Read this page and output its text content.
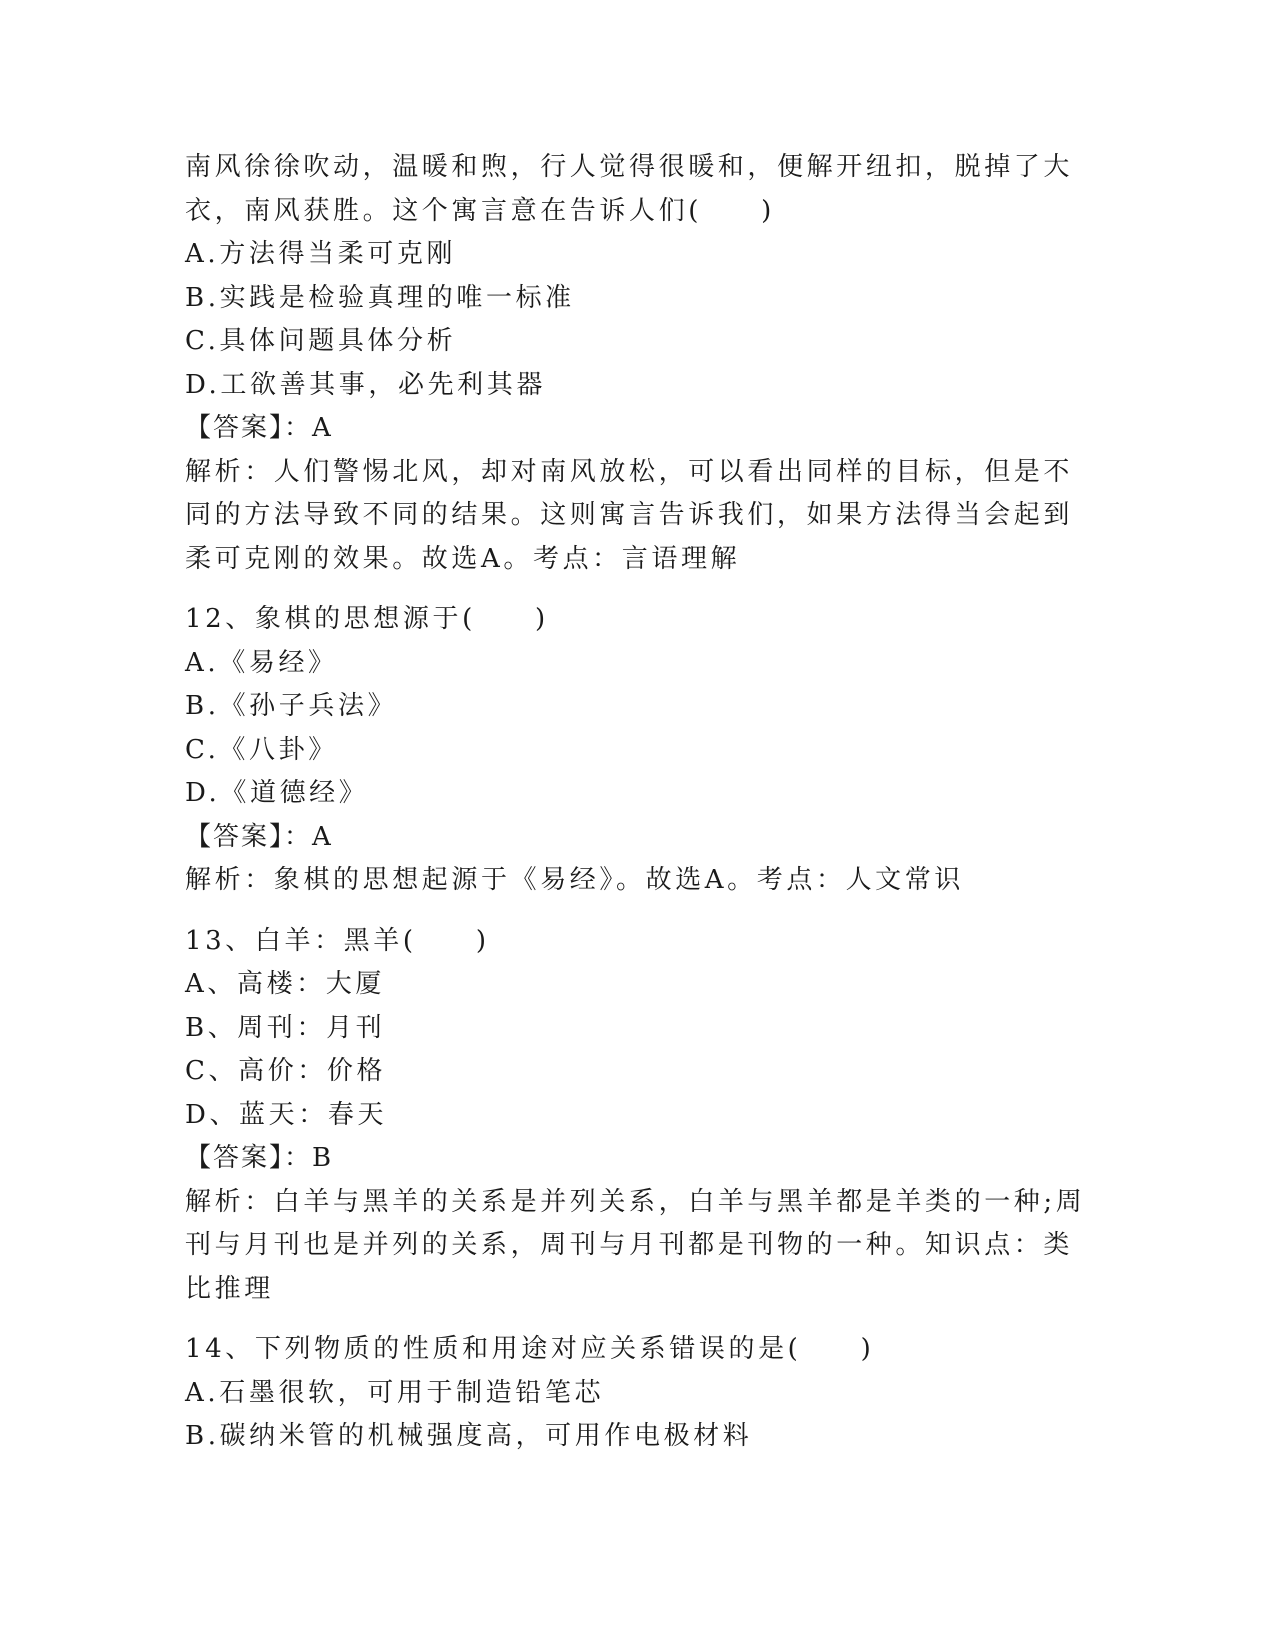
南风徐徐吹动，温暖和煦，行人觉得很暖和，便解开纽扣，脱掉了大
衣，南风获胜。这个寓言意在告诉人们(　　)
A.方法得当柔可克刚
B.实践是检验真理的唯一标准
C.具体问题具体分析
D.工欲善其事，必先利其器
【答案】：A
解析：人们警惕北风，却对南风放松，可以看出同样的目标，但是不
同的方法导致不同的结果。这则寓言告诉我们，如果方法得当会起到
柔可克刚的效果。故选A。考点：言语理解
12、象棋的思想源于(　　)
A.《易经》
B.《孙子兵法》
C.《八卦》
D.《道德经》
【答案】：A
解析：象棋的思想起源于《易经》。故选A。考点：人文常识
13、白羊：黑羊(　　)
A、高楼：大厦
B、周刊：月刊
C、高价：价格
D、蓝天：春天
【答案】：B
解析：白羊与黑羊的关系是并列关系，白羊与黑羊都是羊类的一种;周
刊与月刊也是并列的关系，周刊与月刊都是刊物的一种。知识点：类
比推理
14、下列物质的性质和用途对应关系错误的是(　　)
A.石墨很软，可用于制造铅笔芯
B.碳纳米管的机械强度高，可用作电极材料
